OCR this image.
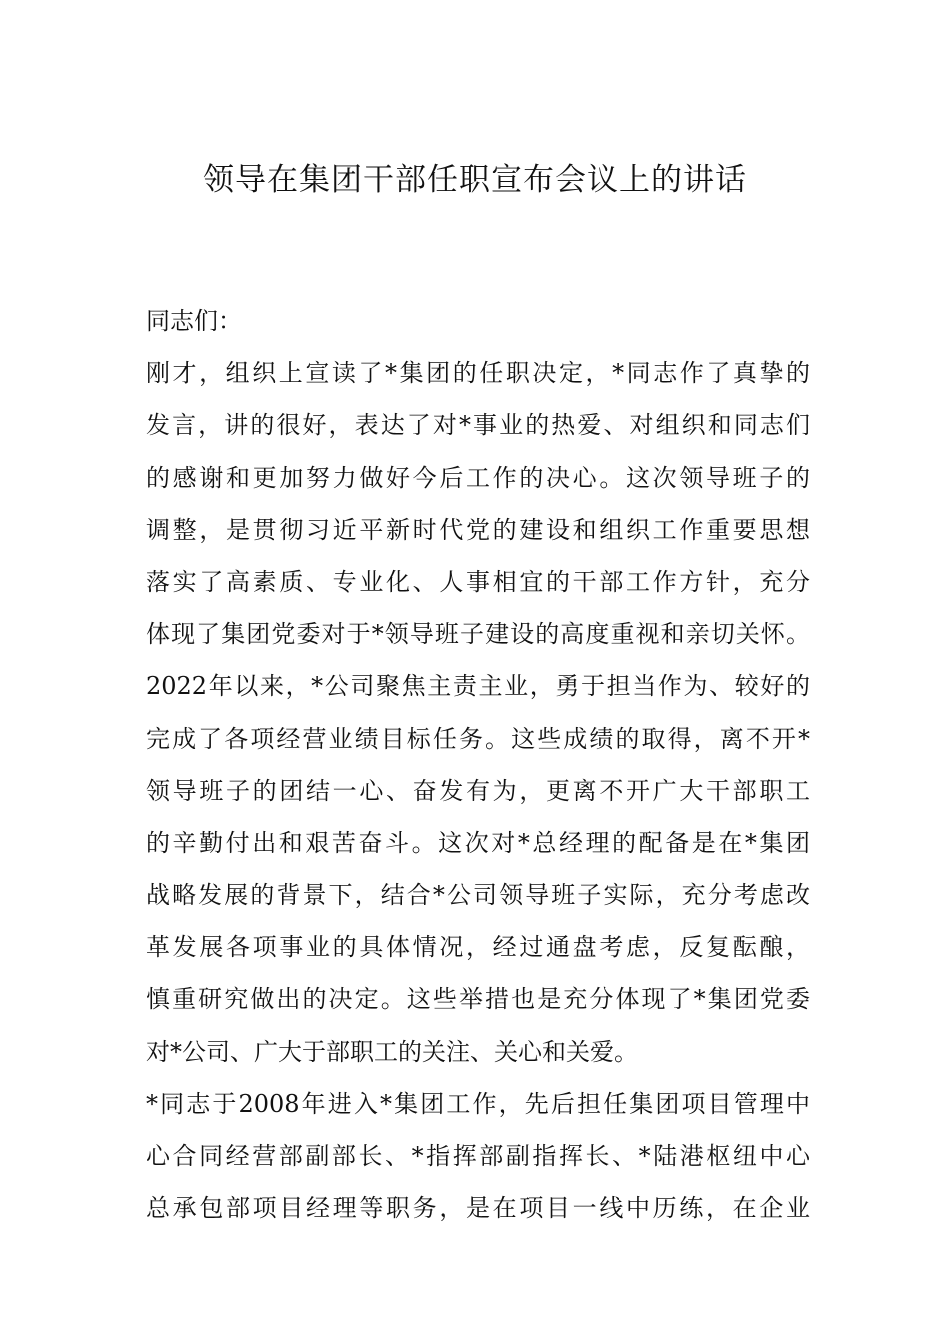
领导在集团干部任职宣布会议上的讲话

同志们：

刚才，组织上宣读了*集团的任职决定，*同志作了真挚的

发言，讲的很好，表达了对*事业的热爱、对组织和同志们

的感谢和更加努力做好今后工作的决心。这次领导班子的

调整，是贯彻习近平新时代党的建设和组织工作重要思想

落实了高素质、专业化、人事相宜的干部工作方针，充分

体现了集团党委对于*领导班子建设的高度重视和亲切关怀。

2022年以来，*公司聚焦主责主业，勇于担当作为、较好的

完成了各项经营业绩目标任务。这些成绩的取得，离不开*

领导班子的团结一心、奋发有为，更离不开广大干部职工

的辛勤付出和艰苦奋斗。这次对*总经理的配备是在*集团

战略发展的背景下，结合*公司领导班子实际，充分考虑改

革发展各项事业的具体情况，经过通盘考虑，反复酝酿，

慎重研究做出的决定。这些举措也是充分体现了*集团党委

对*公司、广大于部职工的关注、关心和关爱。

*同志于2008年进入*集团工作，先后担任集团项目管理中

心合同经营部副部长、*指挥部副指挥长、*陆港枢纽中心

总承包部项目经理等职务，是在项目一线中历练，在企业
